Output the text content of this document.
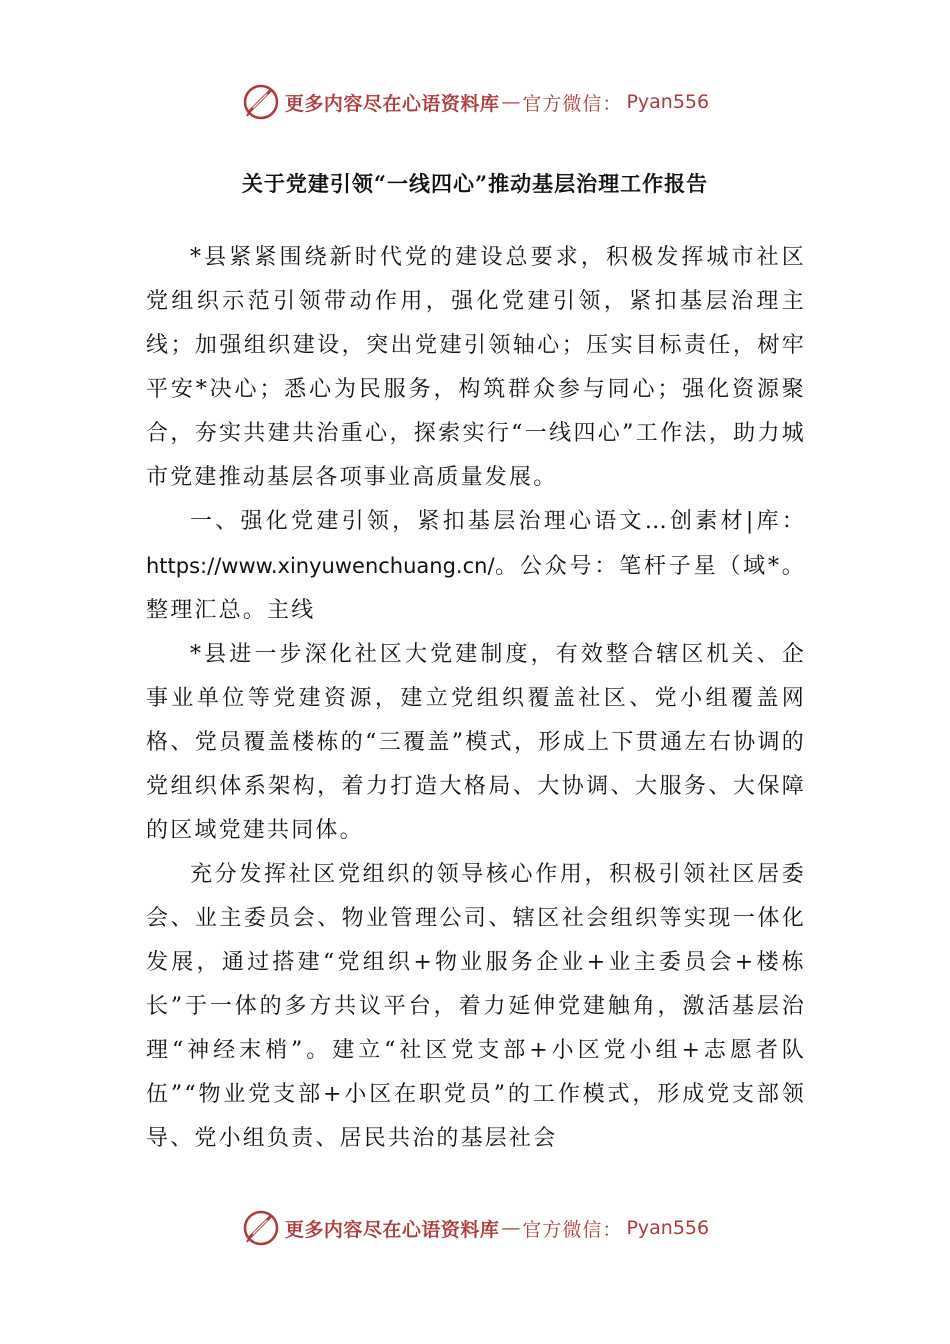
更多内容尽在心语资料库 — 官方微信： Pyan556
关于党建引领“一线四心”推动基层治理工作报告

*县紧紧围绕新时代党的建设总要求，积极发挥城市社区党组织示范引领带动作用，强化党建引领，紧扣基层治理主线；加强组织建设，突出党建引领轴心；压实目标责任，树牢平安*决心；悉心为民服务，构筑群众参与同心；强化资源聚合，夯实共建共治重心，探索实行“一线四心”工作法，助力城市党建推动基层各项事业高质量发展。

一、强化党建引领，紧扣基层治理心语文…创素材|库：https://www.xinyuwenchuang.cn/。公众号：笔杆子星（域*。整理汇总。主线

*县进一步深化社区大党建制度，有效整合辖区机关、企事业单位等党建资源，建立党组织覆盖社区、党小组覆盖网格、党员覆盖楼栋的“三覆盖”模式，形成上下贯通左右协调的党组织体系架构，着力打造大格局、大协调、大服务、大保障的区域党建共同体。

充分发挥社区党组织的领导核心作用，积极引领社区居委会、业主委员会、物业管理公司、辖区社会组织等实现一体化发展，通过搭建“党组织+物业服务企业+业主委员会+楼栋长”于一体的多方共议平台，着力延伸党建触角，激活基层治理“神经末梢”。建立“社区党支部+小区党小组+志愿者队伍”“物业党支部+小区在职党员”的工作模式，形成党支部领导、党小组负责、居民共治的基层社会

更多内容尽在心语资料库 — 官方微信： Pyan556
